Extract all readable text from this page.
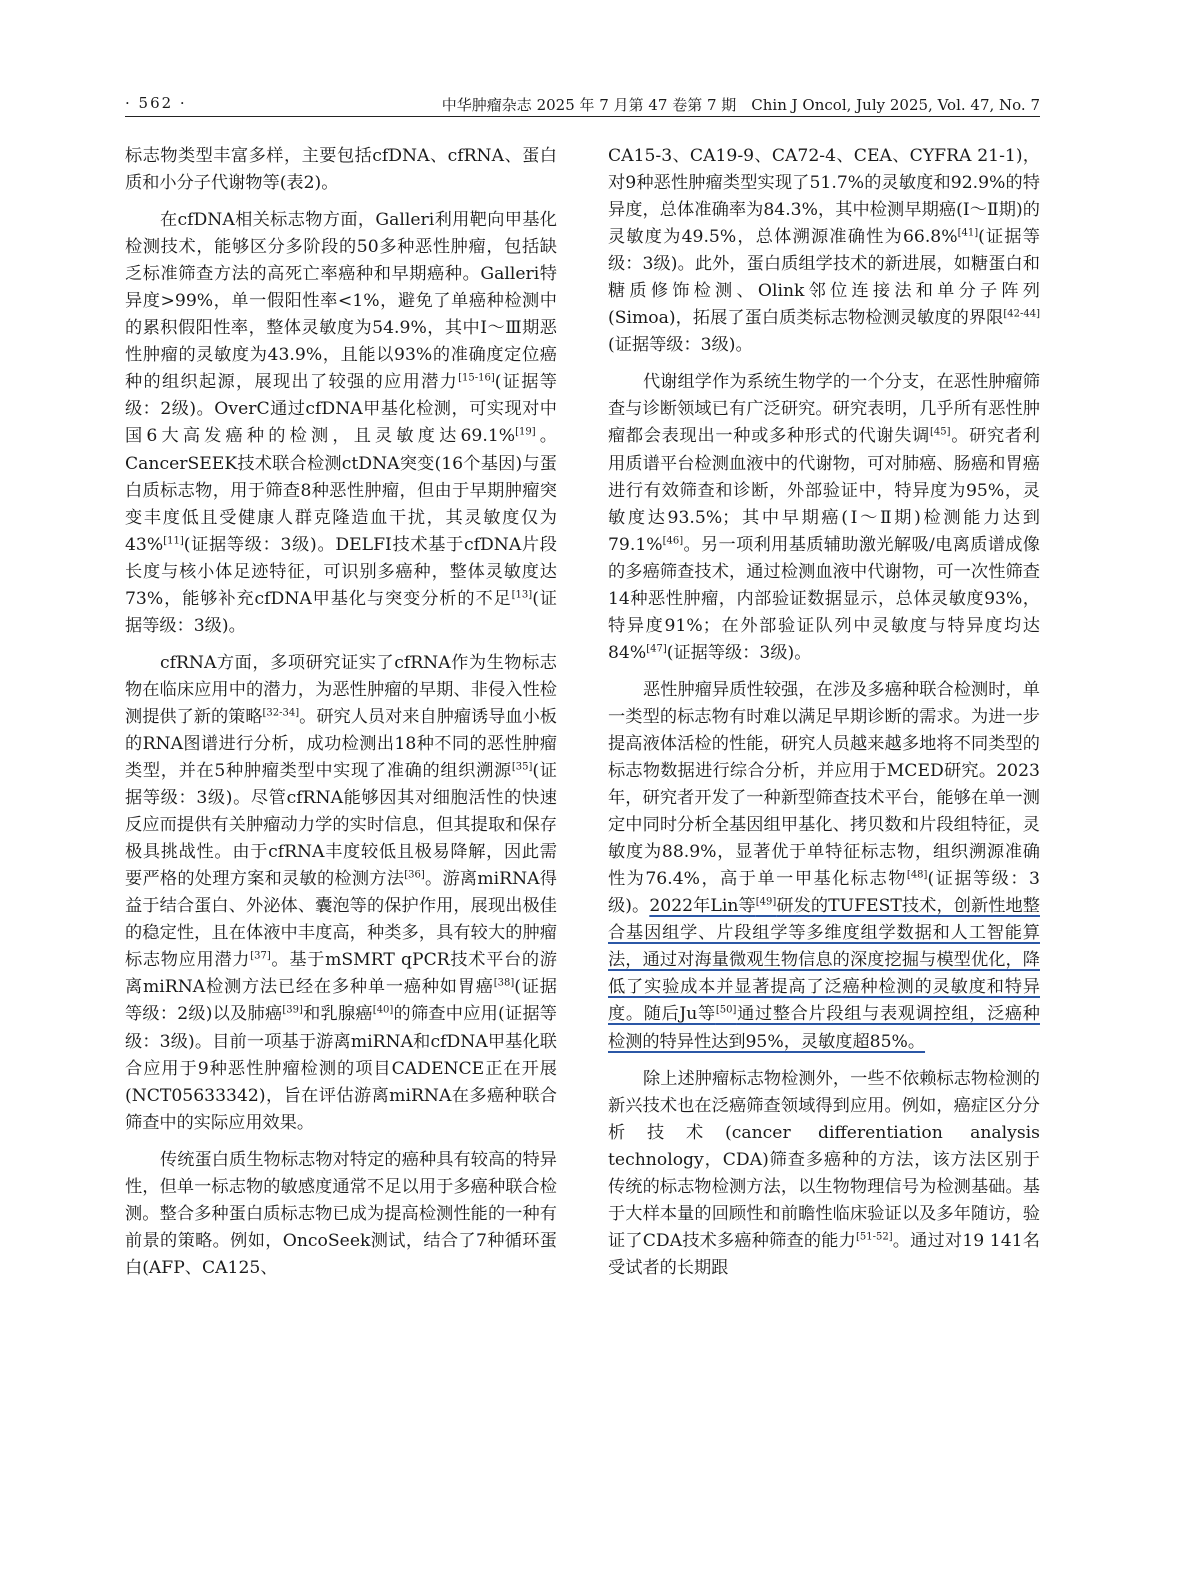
· 562 ·	中华肿瘤杂志 2025 年 7 月第 47 卷第 7 期　Chin J Oncol, July 2025, Vol. 47, No. 7

标志物类型丰富多样，主要包括cfDNA、cfRNA、蛋白质和小分子代谢物等(表2)。

在cfDNA相关标志物方面，Galleri利用靶向甲基化检测技术，能够区分多阶段的50多种恶性肿瘤，包括缺乏标准筛查方法的高死亡率癌种和早期癌种。Galleri特异度>99%，单一假阳性率<1%，避免了单癌种检测中的累积假阳性率，整体灵敏度为54.9%，其中Ⅰ～Ⅲ期恶性肿瘤的灵敏度为43.9%，且能以93%的准确度定位癌种的组织起源，展现出了较强的应用潜力[15-16](证据等级：2级)。OverC通过cfDNA甲基化检测，可实现对中国6大高发癌种的检测，且灵敏度达69.1%[19]。CancerSEEK技术联合检测ctDNA突变(16个基因)与蛋白质标志物，用于筛查8种恶性肿瘤，但由于早期肿瘤突变丰度低且受健康人群克隆造血干扰，其灵敏度仅为43%[11](证据等级：3级)。DELFI技术基于cfDNA片段长度与核小体足迹特征，可识别多癌种，整体灵敏度达73%，能够补充cfDNA甲基化与突变分析的不足[13](证据等级：3级)。

cfRNA方面，多项研究证实了cfRNA作为生物标志物在临床应用中的潜力，为恶性肿瘤的早期、非侵入性检测提供了新的策略[32-34]。研究人员对来自肿瘤诱导血小板的RNA图谱进行分析，成功检测出18种不同的恶性肿瘤类型，并在5种肿瘤类型中实现了准确的组织溯源[35](证据等级：3级)。尽管cfRNA能够因其对细胞活性的快速反应而提供有关肿瘤动力学的实时信息，但其提取和保存极具挑战性。由于cfRNA丰度较低且极易降解，因此需要严格的处理方案和灵敏的检测方法[36]。游离miRNA得益于结合蛋白、外泌体、囊泡等的保护作用，展现出极佳的稳定性，且在体液中丰度高，种类多，具有较大的肿瘤标志物应用潜力[37]。基于mSMRT qPCR技术平台的游离miRNA检测方法已经在多种单一癌种如胃癌[38](证据等级：2级)以及肺癌[39]和乳腺癌[40]的筛查中应用(证据等级：3级)。目前一项基于游离miRNA和cfDNA甲基化联合应用于9种恶性肿瘤检测的项目CADENCE正在开展(NCT05633342)，旨在评估游离miRNA在多癌种联合筛查中的实际应用效果。

传统蛋白质生物标志物对特定的癌种具有较高的特异性，但单一标志物的敏感度通常不足以用于多癌种联合检测。整合多种蛋白质标志物已成为提高检测性能的一种有前景的策略。例如，OncoSeek测试，结合了7种循环蛋白(AFP、CA125、

CA15-3、CA19-9、CA72-4、CEA、CYFRA 21-1)，对9种恶性肿瘤类型实现了51.7%的灵敏度和92.9%的特异度，总体准确率为84.3%，其中检测早期癌(Ⅰ～Ⅱ期)的灵敏度为49.5%，总体溯源准确性为66.8%[41](证据等级：3级)。此外，蛋白质组学技术的新进展，如糖蛋白和糖质修饰检测、Olink邻位连接法和单分子阵列(Simoa)，拓展了蛋白质类标志物检测灵敏度的界限[42-44](证据等级：3级)。

代谢组学作为系统生物学的一个分支，在恶性肿瘤筛查与诊断领域已有广泛研究。研究表明，几乎所有恶性肿瘤都会表现出一种或多种形式的代谢失调[45]。研究者利用质谱平台检测血液中的代谢物，可对肺癌、肠癌和胃癌进行有效筛查和诊断，外部验证中，特异度为95%，灵敏度达93.5%；其中早期癌(Ⅰ～Ⅱ期)检测能力达到79.1%[46]。另一项利用基质辅助激光解吸/电离质谱成像的多癌筛查技术，通过检测血液中代谢物，可一次性筛查14种恶性肿瘤，内部验证数据显示，总体灵敏度93%，特异度91%；在外部验证队列中灵敏度与特异度均达84%[47](证据等级：3级)。

恶性肿瘤异质性较强，在涉及多癌种联合检测时，单一类型的标志物有时难以满足早期诊断的需求。为进一步提高液体活检的性能，研究人员越来越多地将不同类型的标志物数据进行综合分析，并应用于MCED研究。2023年，研究者开发了一种新型筛查技术平台，能够在单一测定中同时分析全基因组甲基化、拷贝数和片段组特征，灵敏度为88.9%，显著优于单特征标志物，组织溯源准确性为76.4%，高于单一甲基化标志物[48](证据等级：3级)。2022年Lin等[49]研发的TUFEST技术，创新性地整合基因组学、片段组学等多维度组学数据和人工智能算法，通过对海量微观生物信息的深度挖掘与模型优化，降低了实验成本并显著提高了泛癌种检测的灵敏度和特异度。随后Ju等[50]通过整合片段组与表观调控组，泛癌种检测的特异性达到95%，灵敏度超85%。

除上述肿瘤标志物检测外，一些不依赖标志物检测的新兴技术也在泛癌筛查领域得到应用。例如，癌症区分分析技术(cancer differentiation analysis technology，CDA)筛查多癌种的方法，该方法区别于传统的标志物检测方法，以生物物理信号为检测基础。基于大样本量的回顾性和前瞻性临床验证以及多年随访，验证了CDA技术多癌种筛查的能力[51-52]。通过对19 141名受试者的长期跟
